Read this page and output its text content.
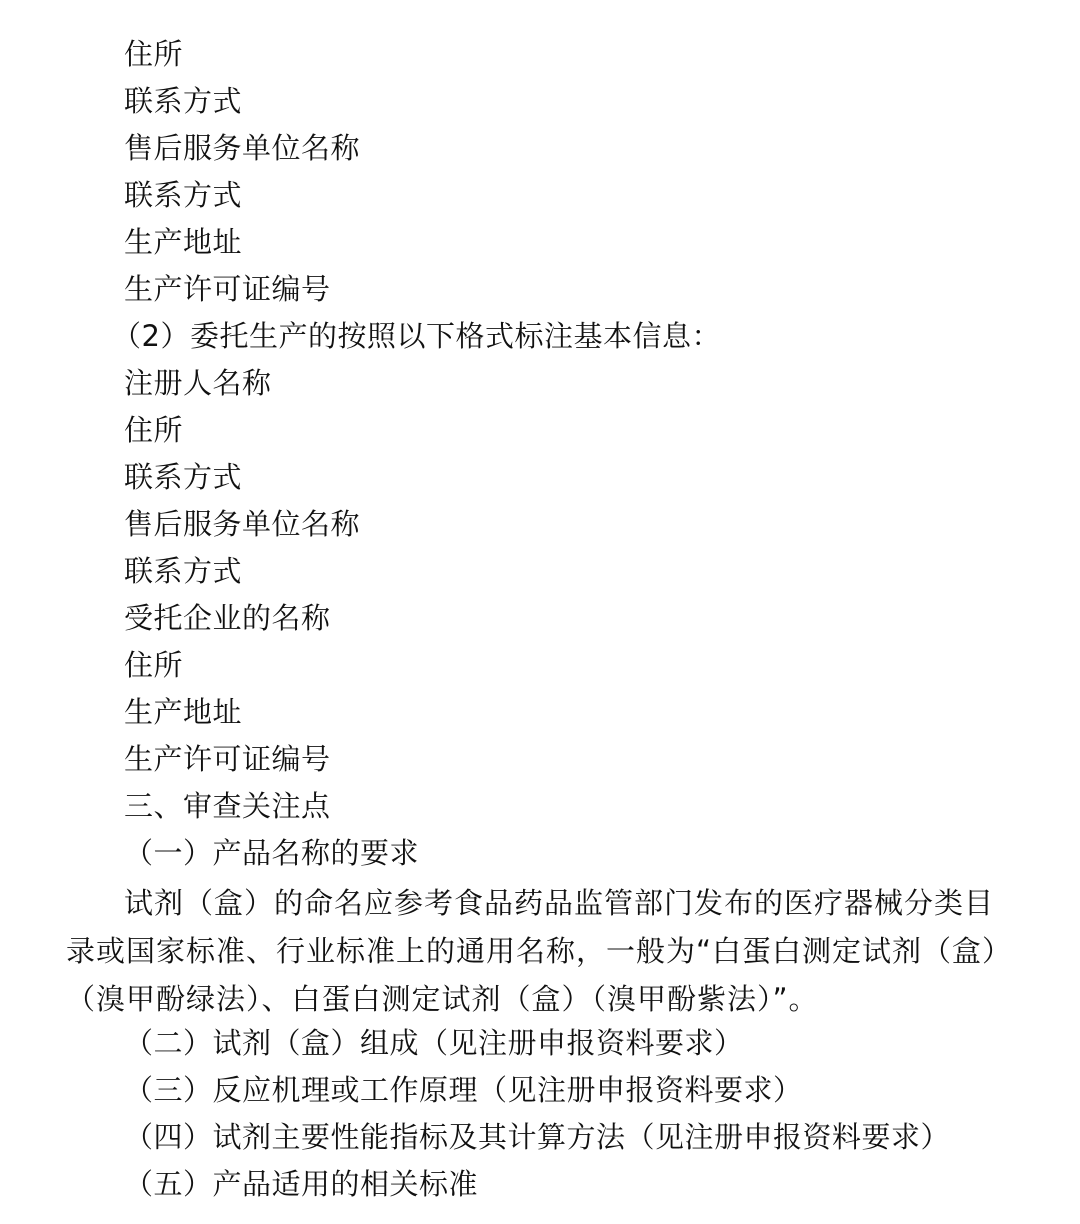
住所
联系方式
售后服务单位名称
联系方式
生产地址
生产许可证编号
（2）委托生产的按照以下格式标注基本信息：
注册人名称
住所
联系方式
售后服务单位名称
联系方式
受托企业的名称
住所
生产地址
生产许可证编号
三、审查关注点
（一）产品名称的要求
试剂（盒）的命名应参考食品药品监管部门发布的医疗器械分类目录或国家标准、行业标准上的通用名称，一般为“白蛋白测定试剂（盒）（溴甲酚绿法）、白蛋白测定试剂（盒）（溴甲酚紫法）”。
（二）试剂（盒）组成（见注册申报资料要求）
（三）反应机理或工作原理（见注册申报资料要求）
（四）试剂主要性能指标及其计算方法（见注册申报资料要求）
（五）产品适用的相关标准
